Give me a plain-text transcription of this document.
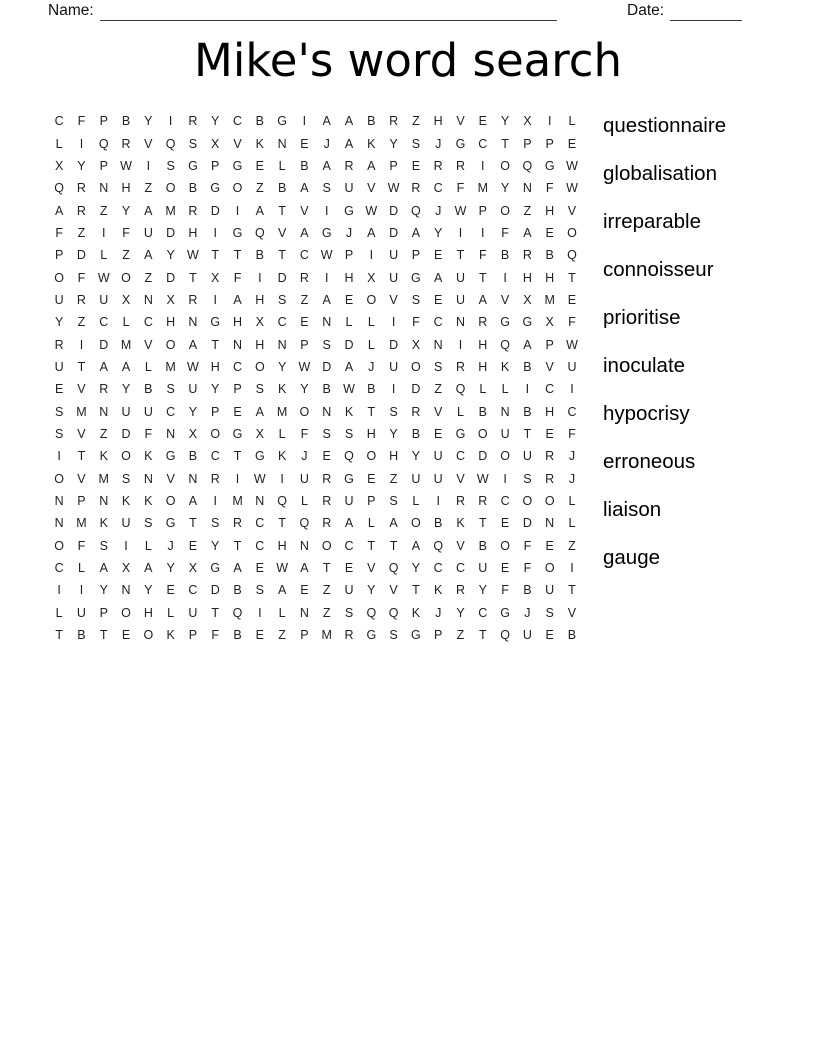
Name:	Date:
Mike's word search
C	F	P	B	Y	I	R	Y	C	B	G	I	A	A	B	R	Z	H	V	E	Y	X	I	L
L	I	Q	R	V	Q	S	X	V	K	N	E	J	A	K	Y	S	J	G	C	T	P	P	E
X	Y	P W	I	S	G	P	G	E	L	B	A	R	A	P	E	R	R	I	O	Q	G W
Q	R	N	H	Z	O	B	G	O	Z	B	A	S	U	V W R	C	F	M	Y	N	F	W
A	R	Z	Y	A	M	R	D	I	A	T	V	I	G W D	Q	J	W P	O	Z	H	V
F	Z	I	F	U	D	H	I	G	Q	V	A	G	J	A	D	A	Y	I	I	F	A	E	O
P	D	L	Z	A	Y W	T	T	B	T	C W P	I	U	P	E	T	F	B	R	B	Q
O	F	W O	Z	D	T	X	F	I	D	R	I	H	X	U	G	A	U	T	I	H	H	T
U	R	U	X	N	X	R	I	A	H	S	Z	A	E	O	V	S	E	U	A	V	X	M	E
Y	Z	C	L	C	H	N	G	H	X	C	E	N	L	L	I	F	C	N	R	G	G	X	F
R	I	D	M	V	O	A	T	N	H	N	P	S	D	L	D	X	N	I	H	Q	A	P W
U	T	A	A	L	M W H	C	O	Y W D	A	J	U	O	S	R	H	K	B	V	U
E	V	R	Y	B	S	U	Y	P	S	K	Y	B W B	I	D	Z	Q	L	L	I	C	I
S	M	N	U	U	C	Y	P	E	A	M O	N	K	T	S	R	V	L	B	N	B	H	C
S	V	Z	D	F	N	X	O	G	X	L	F	S	S	H	Y	B	E	G	O	U	T	E	F
I	T	K	O	K	G	B	C	T	G	K	J	E	Q	O	H	Y	U	C	D	O	U	R	J
O	V	M	S	N	V	N	R	I	W	I	U	R	G	E	Z	U	U	V W	I	S	R	J
N	P	N	K	K	O	A	I	M	N	Q	L	R	U	P	S	L	I	R	R	C	O	O	L
N	M	K	U	S	G	T	S	R	C	T	Q	R	A	L	A	O	B	K	T	E	D	N	L
O	F	S	I	L	J	E	Y	T	C	H	N	O	C	T	T	A	Q	V	B	O	F	E	Z
C	L	A	X	A	Y	X	G	A	E W A	T	E	V	Q	Y	C	C	U	E	F	O	I
I	I	Y	N	Y	E	C	D	B	S	A	E	Z	U	Y	V	T	K	R	Y	F	B	U	T
L	U	P	O	H	L	U	T	Q	I	L	N	Z	S	Q	Q	K	J	Y	C	G	J	S	V
T	B	T	E	O	K	P	F	B	E	Z	P	M	R	G	S	G	P	Z	T	Q	U	E	B
questionnaire
globalisation
irreparable
connoisseur
prioritise
inoculate
hypocrisy
erroneous
liaison
gauge
